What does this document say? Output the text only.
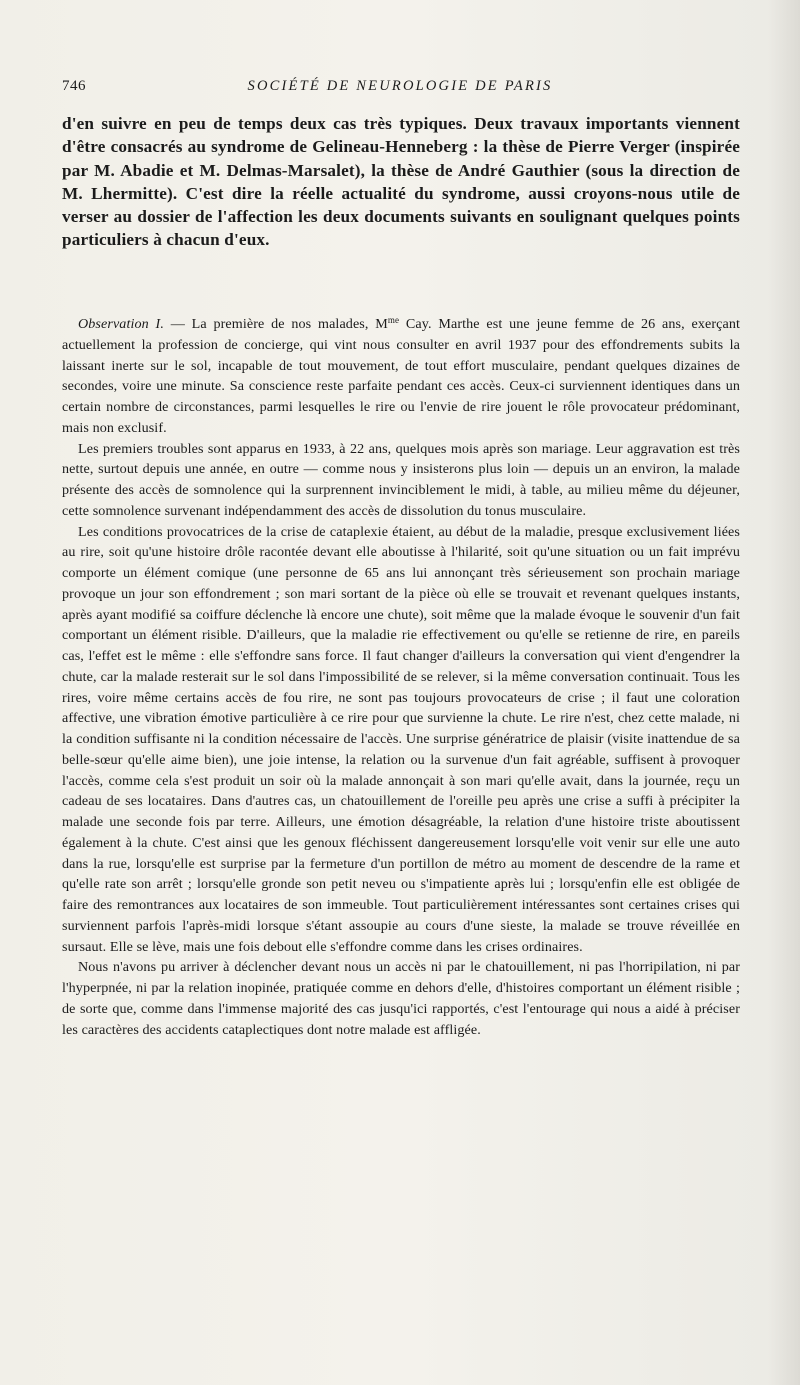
746	SOCIÉTÉ DE NEUROLOGIE DE PARIS
d'en suivre en peu de temps deux cas très typiques. Deux travaux importants viennent d'être consacrés au syndrome de Gelineau-Henneberg : la thèse de Pierre Verger (inspirée par M. Abadie et M. Delmas-Marsalet), la thèse de André Gauthier (sous la direction de M. Lhermitte). C'est dire la réelle actualité du syndrome, aussi croyons-nous utile de verser au dossier de l'affection les deux documents suivants en soulignant quelques points particuliers à chacun d'eux.

Observation I. — La première de nos malades, $M^{me}$ Cay. Marthe est une jeune femme de 26 ans, exerçant actuellement la profession de concierge, qui vint nous consulter en avril 1937 pour des effondrements subits la laissant inerte sur le sol, incapable de tout mouvement, de tout effort musculaire, pendant quelques dizaines de secondes, voire une minute. Sa conscience reste parfaite pendant ces accès. Ceux-ci surviennent identiques dans un certain nombre de circonstances, parmi lesquelles le rire ou l'envie de rire jouent le rôle provocateur prédominant, mais non exclusif.

Les premiers troubles sont apparus en 1933, à 22 ans, quelques mois après son mariage. Leur aggravation est très nette, surtout depuis une année, en outre — comme nous y insisterons plus loin — depuis un an environ, la malade présente des accès de somnolence qui la surprennent invinciblement le midi, à table, au milieu même du déjeuner, cette somnolence survenant indépendamment des accès de dissolution du tonus musculaire.

Les conditions provocatrices de la crise de cataplexie étaient, au début de la maladie, presque exclusivement liées au rire, soit qu'une histoire drôle racontée devant elle aboutisse à l'hilarité, soit qu'une situation ou un fait imprévu comporte un élément comique (une personne de 65 ans lui annonçant très sérieusement son prochain mariage provoque un jour son effondrement ; son mari sortant de la pièce où elle se trouvait et revenant quelques instants, après ayant modifié sa coiffure déclenche là encore une chute), soit même que la malade évoque le souvenir d'un fait comportant un élément risible. D'ailleurs, que la maladie rie effectivement ou qu'elle se retienne de rire, en pareils cas, l'effet est le même : elle s'effondre sans force. Il faut changer d'ailleurs la conversation qui vient d'engendrer la chute, car la malade resterait sur le sol dans l'impossibilité de se relever, si la même conversation continuait. Tous les rires, voire même certains accès de fou rire, ne sont pas toujours provocateurs de crise ; il faut une coloration affective, une vibration émotive particulière à ce rire pour que survienne la chute. Le rire n'est, chez cette malade, ni la condition suffisante ni la condition nécessaire de l'accès. Une surprise génératrice de plaisir (visite inattendue de sa belle-sœur qu'elle aime bien), une joie intense, la relation ou la survenue d'un fait agréable, suffisent à provoquer l'accès, comme cela s'est produit un soir où la malade annonçait à son mari qu'elle avait, dans la journée, reçu un cadeau de ses locataires. Dans d'autres cas, un chatouillement de l'oreille peu après une crise a suffi à précipiter la malade une seconde fois par terre. Ailleurs, une émotion désagréable, la relation d'une histoire triste aboutissent également à la chute. C'est ainsi que les genoux fléchissent dangereusement lorsqu'elle voit venir sur elle une auto dans la rue, lorsqu'elle est surprise par la fermeture d'un portillon de métro au moment de descendre de la rame et qu'elle rate son arrêt ; lorsqu'elle gronde son petit neveu ou s'impatiente après lui ; lorsqu'enfin elle est obligée de faire des remontrances aux locataires de son immeuble. Tout particulièrement intéressantes sont certaines crises qui surviennent parfois l'après-midi lorsque s'étant assoupie au cours d'une sieste, la malade se trouve réveillée en sursaut. Elle se lève, mais une fois debout elle s'effondre comme dans les crises ordinaires.

Nous n'avons pu arriver à déclencher devant nous un accès ni par le chatouillement, ni pas l'horripilation, ni par l'hyperpnée, ni par la relation inopinée, pratiquée comme en dehors d'elle, d'histoires comportant un élément risible ; de sorte que, comme dans l'immense majorité des cas jusqu'ici rapportés, c'est l'entourage qui nous a aidé à préciser les caractères des accidents cataplectiques dont notre malade est affligée.
